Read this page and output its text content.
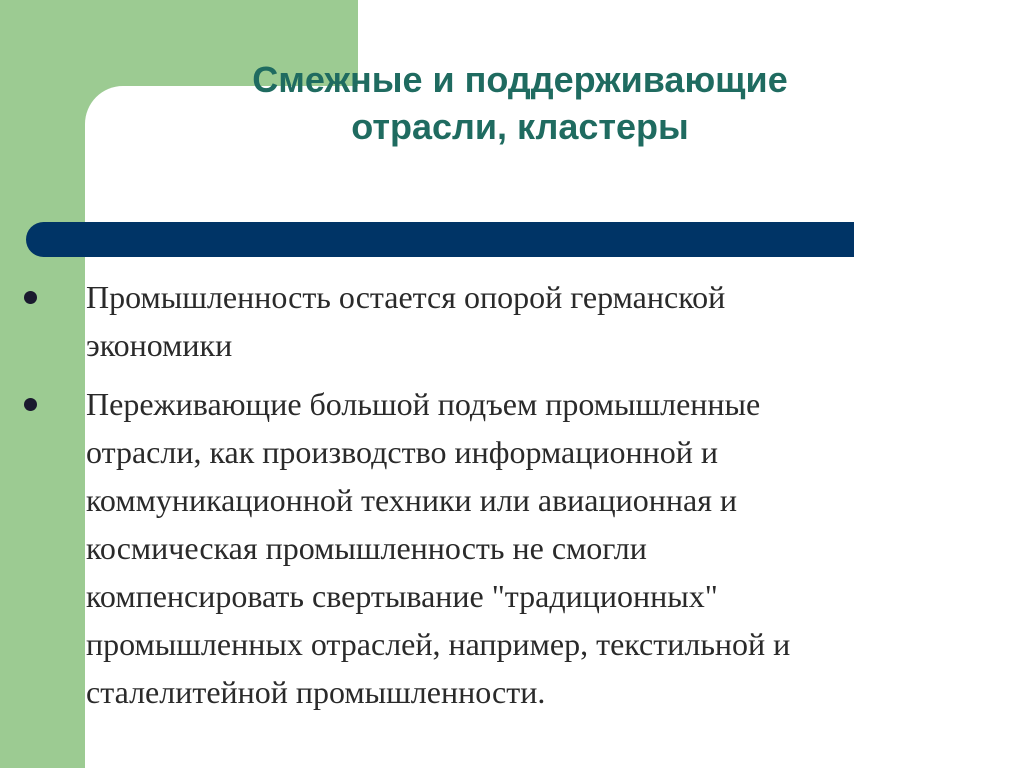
Смежные и поддерживающие
отрасли, кластеры
Промышленность остается опорой германской
экономики
Переживающие большой подъем промышленные
отрасли, как производство информационной и
коммуникационной техники или авиационная и
космическая промышленность не смогли
компенсировать свертывание "традиционных"
промышленных отраслей, например, текстильной и
сталелитейной промышленности.
